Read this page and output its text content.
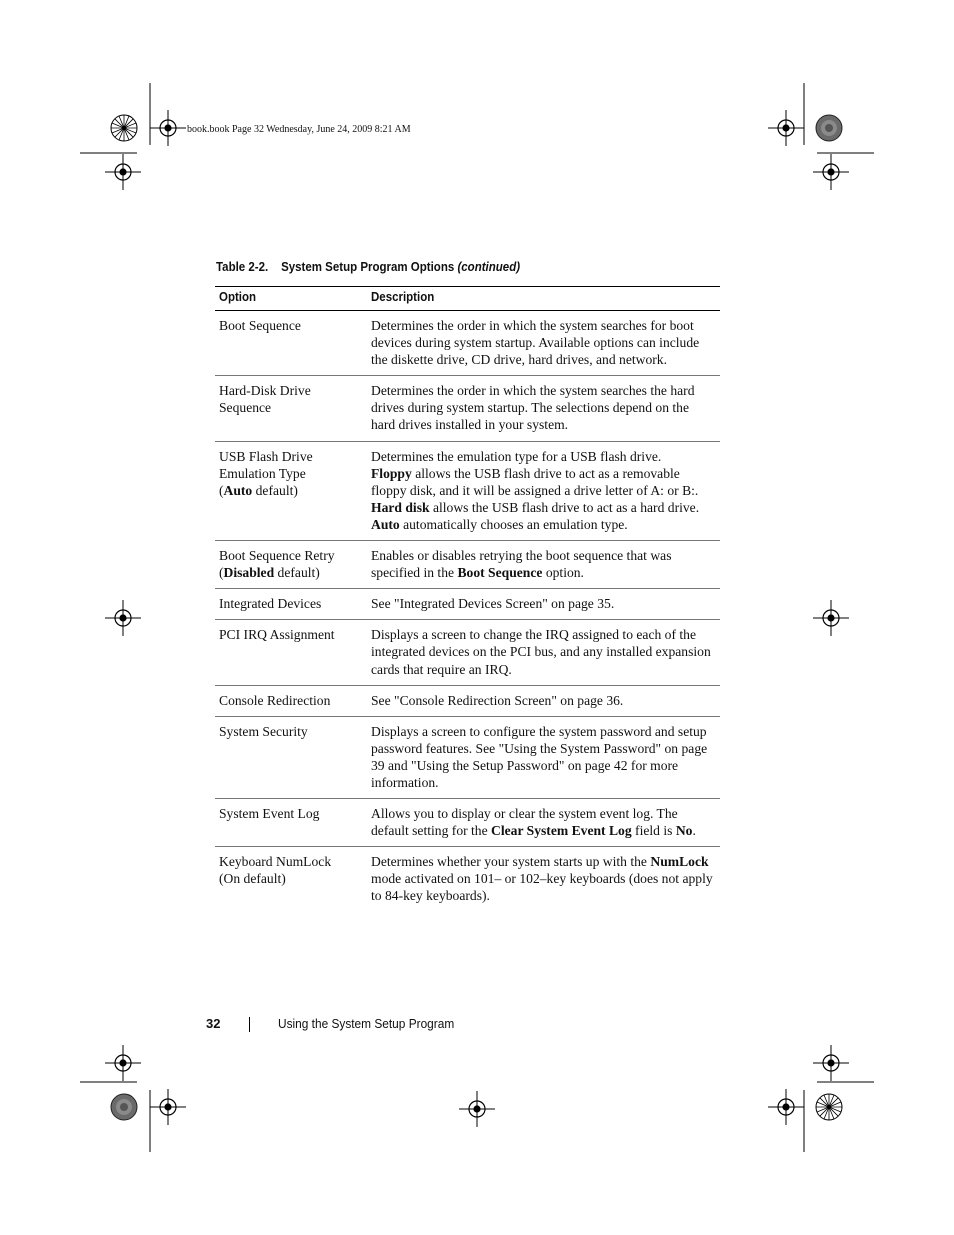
book.book Page 32 Wednesday, June 24, 2009 8:21 AM
Table 2-2. System Setup Program Options (continued)
Option	Description

Boot Sequence	Determines the order in which the system searches for boot devices during system startup. Available options can include the diskette drive, CD drive, hard drives, and network.

Hard-Disk Drive Sequence	Determines the order in which the system searches the hard drives during system startup. The selections depend on the hard drives installed in your system.

USB Flash Drive Emulation Type
(Auto default)	Determines the emulation type for a USB flash drive.
Floppy allows the USB flash drive to act as a removable floppy disk, and it will be assigned a drive letter of A: or B:.
Hard disk allows the USB flash drive to act as a hard drive.
Auto automatically chooses an emulation type.

Boot Sequence Retry
(Disabled default)	Enables or disables retrying the boot sequence that was specified in the Boot Sequence option.

Integrated Devices	See "Integrated Devices Screen" on page 35.

PCI IRQ Assignment	Displays a screen to change the IRQ assigned to each of the integrated devices on the PCI bus, and any installed expansion cards that require an IRQ.

Console Redirection	See "Console Redirection Screen" on page 36.

System Security	Displays a screen to configure the system password and setup password features. See "Using the System Password" on page 39 and "Using the Setup Password" on page 42 for more information.

System Event Log	Allows you to display or clear the system event log. The default setting for the Clear System Event Log field is No.

Keyboard NumLock
(On default)	Determines whether your system starts up with the NumLock mode activated on 101– or 102–key keyboards (does not apply to 84-key keyboards).
32	Using the System Setup Program
